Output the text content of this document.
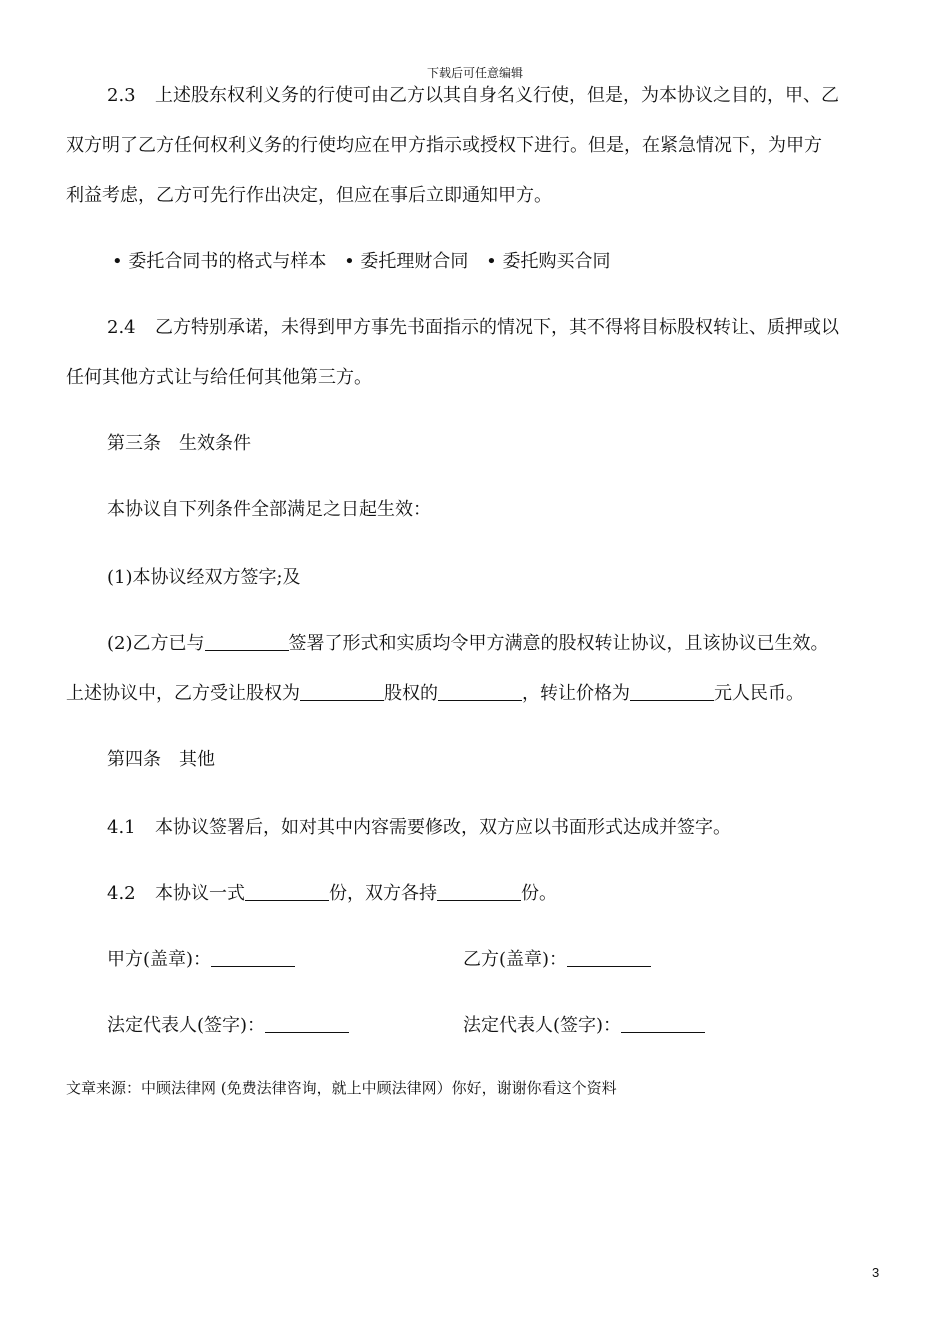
下载后可任意编辑
2.3 上述股东权利义务的行使可由乙方以其自身名义行使，但是，为本协议之目的，甲、乙
双方明了乙方任何权利义务的行使均应在甲方指示或授权下进行。但是，在紧急情况下，为甲方
利益考虑，乙方可先行作出决定，但应在事后立即通知甲方。
• 委托合同书的格式与样本 • 委托理财合同 • 委托购买合同
2.4 乙方特别承诺，未得到甲方事先书面指示的情况下，其不得将目标股权转让、质押或以
任何其他方式让与给任何其他第三方。
第三条　生效条件
本协议自下列条件全部满足之日起生效：
(1)本协议经双方签字;及
(2)乙方已与	签署了形式和实质均令甲方满意的股权转让协议，且该协议已生效。
上述协议中，乙方受让股权为	股权的	，转让价格为	元人民币。
第四条　其他
4.1 本协议签署后，如对其中内容需要修改，双方应以书面形式达成并签字。
4.2 本协议一式	份，双方各持	份。
甲方(盖章)：	乙方(盖章)：
法定代表人(签字)：	法定代表人(签字)：
文章来源：中顾法律网 (免费法律咨询，就上中顾法律网）你好，谢谢你看这个资料
3
